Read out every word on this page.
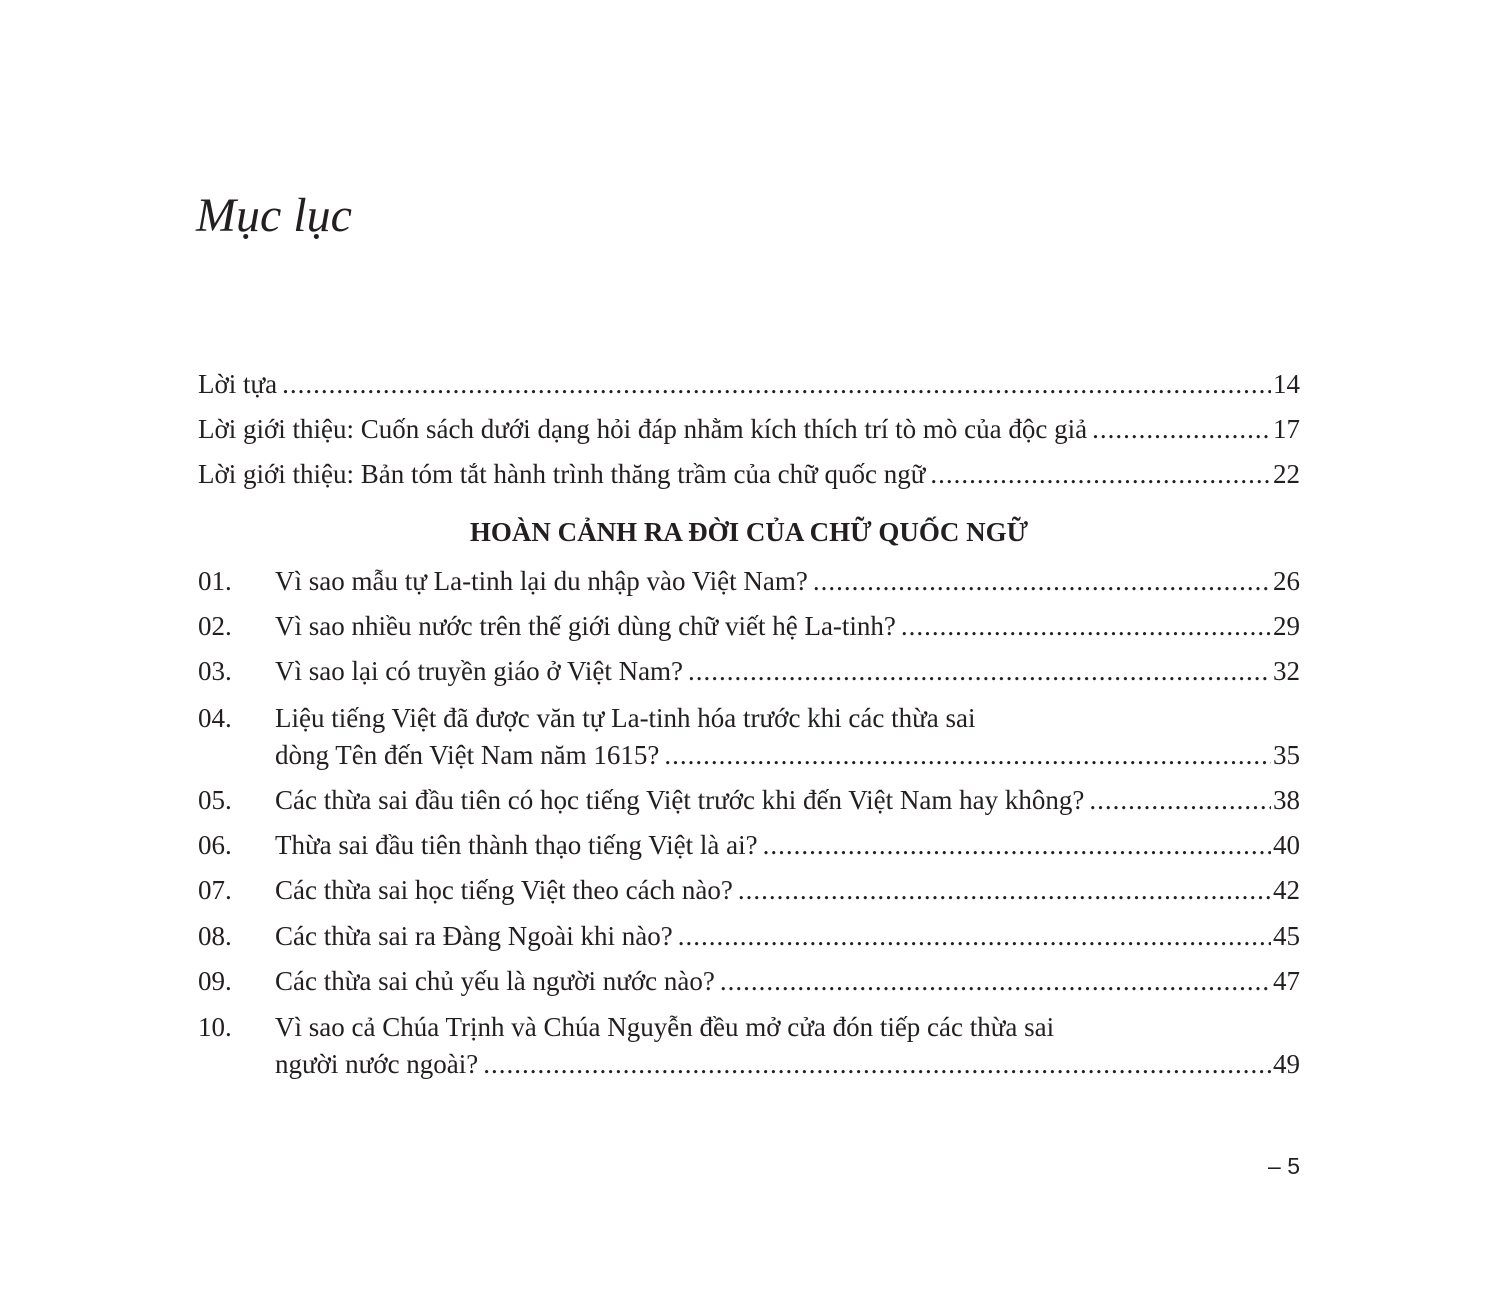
Mục lục
Lời tựa .....	14
Lời giới thiệu: Cuốn sách dưới dạng hỏi đáp nhằm kích thích trí tò mò của độc giả .....	17
Lời giới thiệu: Bản tóm tắt hành trình thăng trầm của chữ quốc ngữ .....	22
HOÀN CẢNH RA ĐỜI CỦA CHỮ QUỐC NGỮ
01.	Vì sao mẫu tự La-tinh lại du nhập vào Việt Nam? .....	26
02.	Vì sao nhiều nước trên thế giới dùng chữ viết hệ La-tinh? .....	29
03.	Vì sao lại có truyền giáo ở Việt Nam? .....	32
04.	Liệu tiếng Việt đã được văn tự La-tinh hóa trước khi các thừa sai
dòng Tên đến Việt Nam năm 1615? .....	35
05.	Các thừa sai đầu tiên có học tiếng Việt trước khi đến Việt Nam hay không? .....	38
06.	Thừa sai đầu tiên thành thạo tiếng Việt là ai? .....	40
07.	Các thừa sai học tiếng Việt theo cách nào? .....	42
08.	Các thừa sai ra Đàng Ngoài khi nào? .....	45
09.	Các thừa sai chủ yếu là người nước nào? .....	47
10.	Vì sao cả Chúa Trịnh và Chúa Nguyễn đều mở cửa đón tiếp các thừa sai
người nước ngoài? .....	49
– 5
